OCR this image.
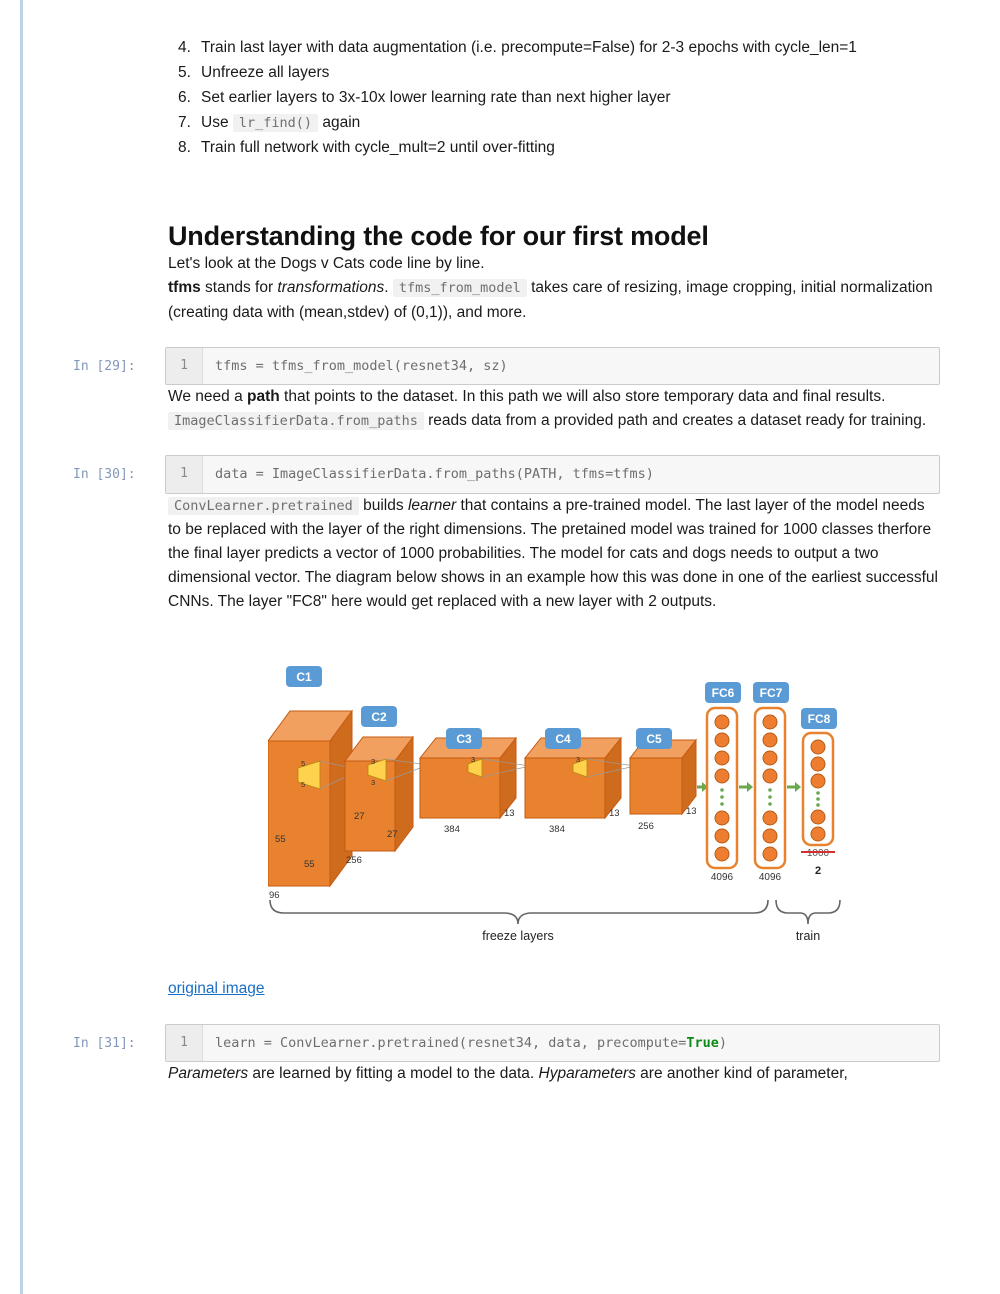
4. Train last layer with data augmentation (i.e. precompute=False) for 2-3 epochs with cycle_len=1
5. Unfreeze all layers
6. Set earlier layers to 3x-10x lower learning rate than next higher layer
7. Use lr_find() again
8. Train full network with cycle_mult=2 until over-fitting
Understanding the code for our first model

Let's look at the Dogs v Cats code line by line.

tfms stands for transformations. tfms_from_model takes care of resizing, image cropping, initial normalization (creating data with (mean,stdev) of (0,1)), and more.

In [29]:	1	tfms = tfms_from_model(resnet34, sz)

We need a path that points to the dataset. In this path we will also store temporary data and final results. ImageClassifierData.from_paths reads data from a provided path and creates a dataset ready for training.

In [30]:	1	data = ImageClassifierData.from_paths(PATH, tfms=tfms)

ConvLearner.pretrained builds learner that contains a pre-trained model. The last layer of the model needs to be replaced with the layer of the right dimensions. The pretained model was trained for 1000 classes therfore the final layer predicts a vector of 1000 probabilities. The model for cats and dogs needs to output a two dimensional vector. The diagram below shows in an example how this was done in one of the earliest successful CNNs. The layer "FC8" here would get replaced with a new layer with 2 outputs.

5
5
55
55
96
C1
3
3
27
27
256
C2
3
13
384
C3
3
13
384
C4
13
256
C5
4096
FC6
4096
FC7
1000
2
FC8
freeze layers	train
original image
In [31]:	1	learn = ConvLearner.pretrained(resnet34, data, precompute=True)

Parameters are learned by fitting a model to the data. Hyparameters are another kind of parameter,
